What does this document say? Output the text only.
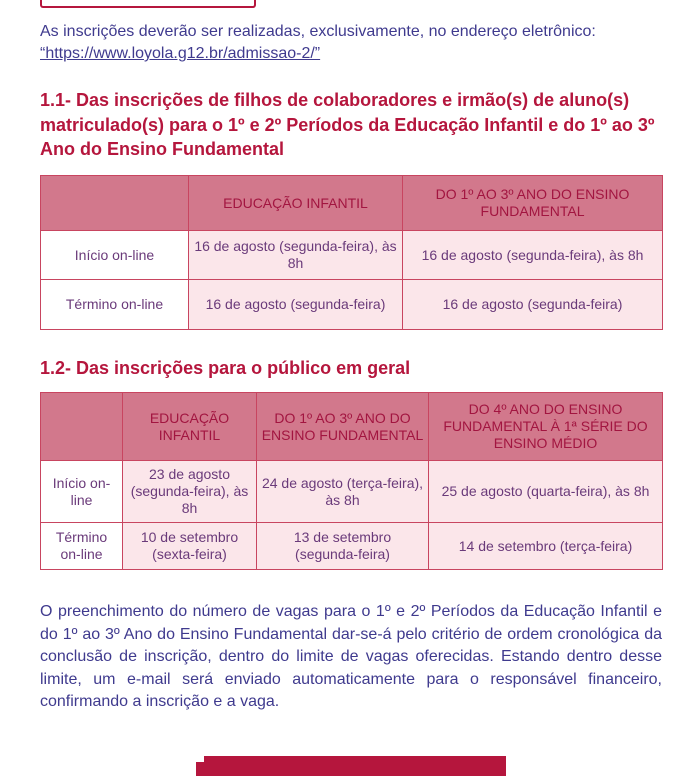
As inscrições deverão ser realizadas, exclusivamente, no endereço eletrônico:
“https://www.loyola.g12.br/admissao-2/”

1.1- Das inscrições de filhos de colaboradores e irmão(s) de aluno(s) matriculado(s) para o 1º e 2º Períodos da Educação Infantil e do 1º ao 3º Ano do Ensino Fundamental
	EDUCAÇÃO INFANTIL	DO 1º AO 3º ANO DO ENSINO FUNDAMENTAL
Início on-line	16 de agosto (segunda-feira), às 8h	16 de agosto (segunda-feira), às 8h
Término on-line	16 de agosto (segunda-feira)	16 de agosto (segunda-feira)
1.2- Das inscrições para o público em geral
	EDUCAÇÃO INFANTIL	DO 1º AO 3º ANO DO ENSINO FUNDAMENTAL	DO 4º ANO DO ENSINO FUNDAMENTAL À 1ª SÉRIE DO ENSINO MÉDIO
Início on-line	23 de agosto (segunda-feira), às 8h	24 de agosto (terça-feira), às 8h	25 de agosto (quarta-feira), às 8h
Término on-line	10 de setembro (sexta-feira)	13 de setembro (segunda-feira)	14 de setembro (terça-feira)

O preenchimento do número de vagas para o 1º e 2º Períodos da Educação Infantil e do 1º ao 3º Ano do Ensino Fundamental dar-se-á pelo critério de ordem cronológica da conclusão de inscrição, dentro do limite de vagas oferecidas. Estando dentro desse limite, um e-mail será enviado automaticamente para o responsável financeiro, confirmando a inscrição e a vaga.
